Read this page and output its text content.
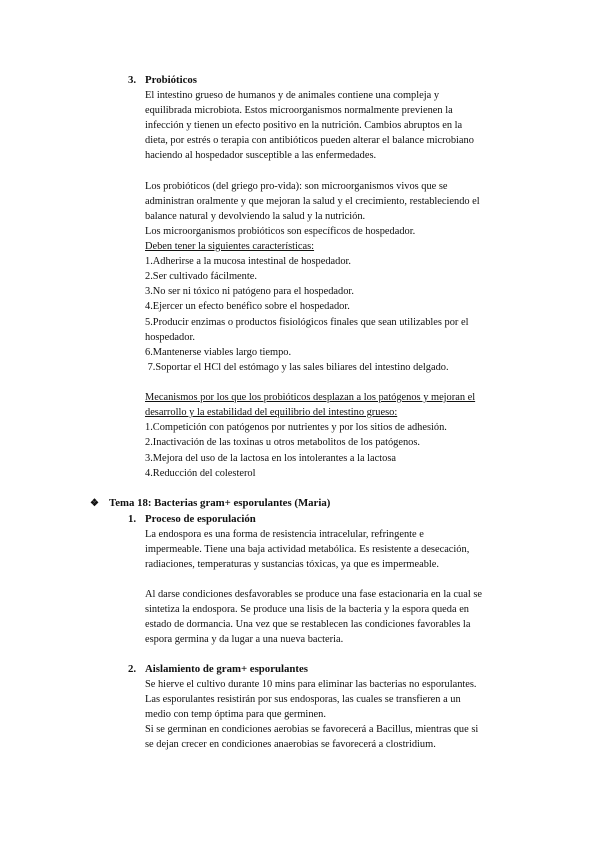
3. Probióticos
El intestino grueso de humanos y de animales contiene una compleja y
equilibrada microbiota. Estos microorganismos normalmente previenen la
infección y tienen un efecto positivo en la nutrición. Cambios abruptos en la
dieta, por estrés o terapia con antibióticos pueden alterar el balance microbiano
haciendo al hospedador susceptible a las enfermedades.
Los probióticos (del griego pro-vida): son microorganismos vivos que se
administran oralmente y que mejoran la salud y el crecimiento, restableciendo el
balance natural y devolviendo la salud y la nutrición.
Los microorganismos probióticos son específicos de hospedador.
Deben tener la siguientes características:
1.Adherirse a la mucosa intestinal de hospedador.
2.Ser cultivado fácilmente.
3.No ser ni tóxico ni patógeno para el hospedador.
4.Ejercer un efecto benéfico sobre el hospedador.
5.Producir enzimas o productos fisiológicos finales que sean utilizables por el
hospedador.
6.Mantenerse viables largo tiempo.
7.Soportar el HCl del estómago y las sales biliares del intestino delgado.
Mecanismos por los que los probióticos desplazan a los patógenos y mejoran el
desarrollo y la estabilidad del equilibrio del intestino grueso:
1.Competición con patógenos por nutrientes y por los sitios de adhesión.
2.Inactivación de las toxinas u otros metabolitos de los patógenos.
3.Mejora del uso de la lactosa en los intolerantes a la lactosa
4.Reducción del colesterol
❖ Tema 18: Bacterias gram+ esporulantes (Maria)
1. Proceso de esporulación
La endospora es una forma de resistencia intracelular, refringente e
impermeable. Tiene una baja actividad metabólica. Es resistente a desecación,
radiaciones, temperaturas y sustancias tóxicas, ya que es impermeable.
Al darse condiciones desfavorables se produce una fase estacionaria en la cual se
sintetiza la endospora. Se produce una lisis de la bacteria y la espora queda en
estado de dormancia. Una vez que se restablecen las condiciones favorables la
espora germina y da lugar a una nueva bacteria.
2. Aislamiento de gram+ esporulantes
Se hierve el cultivo durante 10 mins para eliminar las bacterias no esporulantes.
Las esporulantes resistirán por sus endosporas, las cuales se transfieren a un
medio con temp óptima para que germinen.
Si se germinan en condiciones aerobias se favorecerá a Bacillus, mientras que si
se dejan crecer en condiciones anaerobias se favorecerá a clostridium.
